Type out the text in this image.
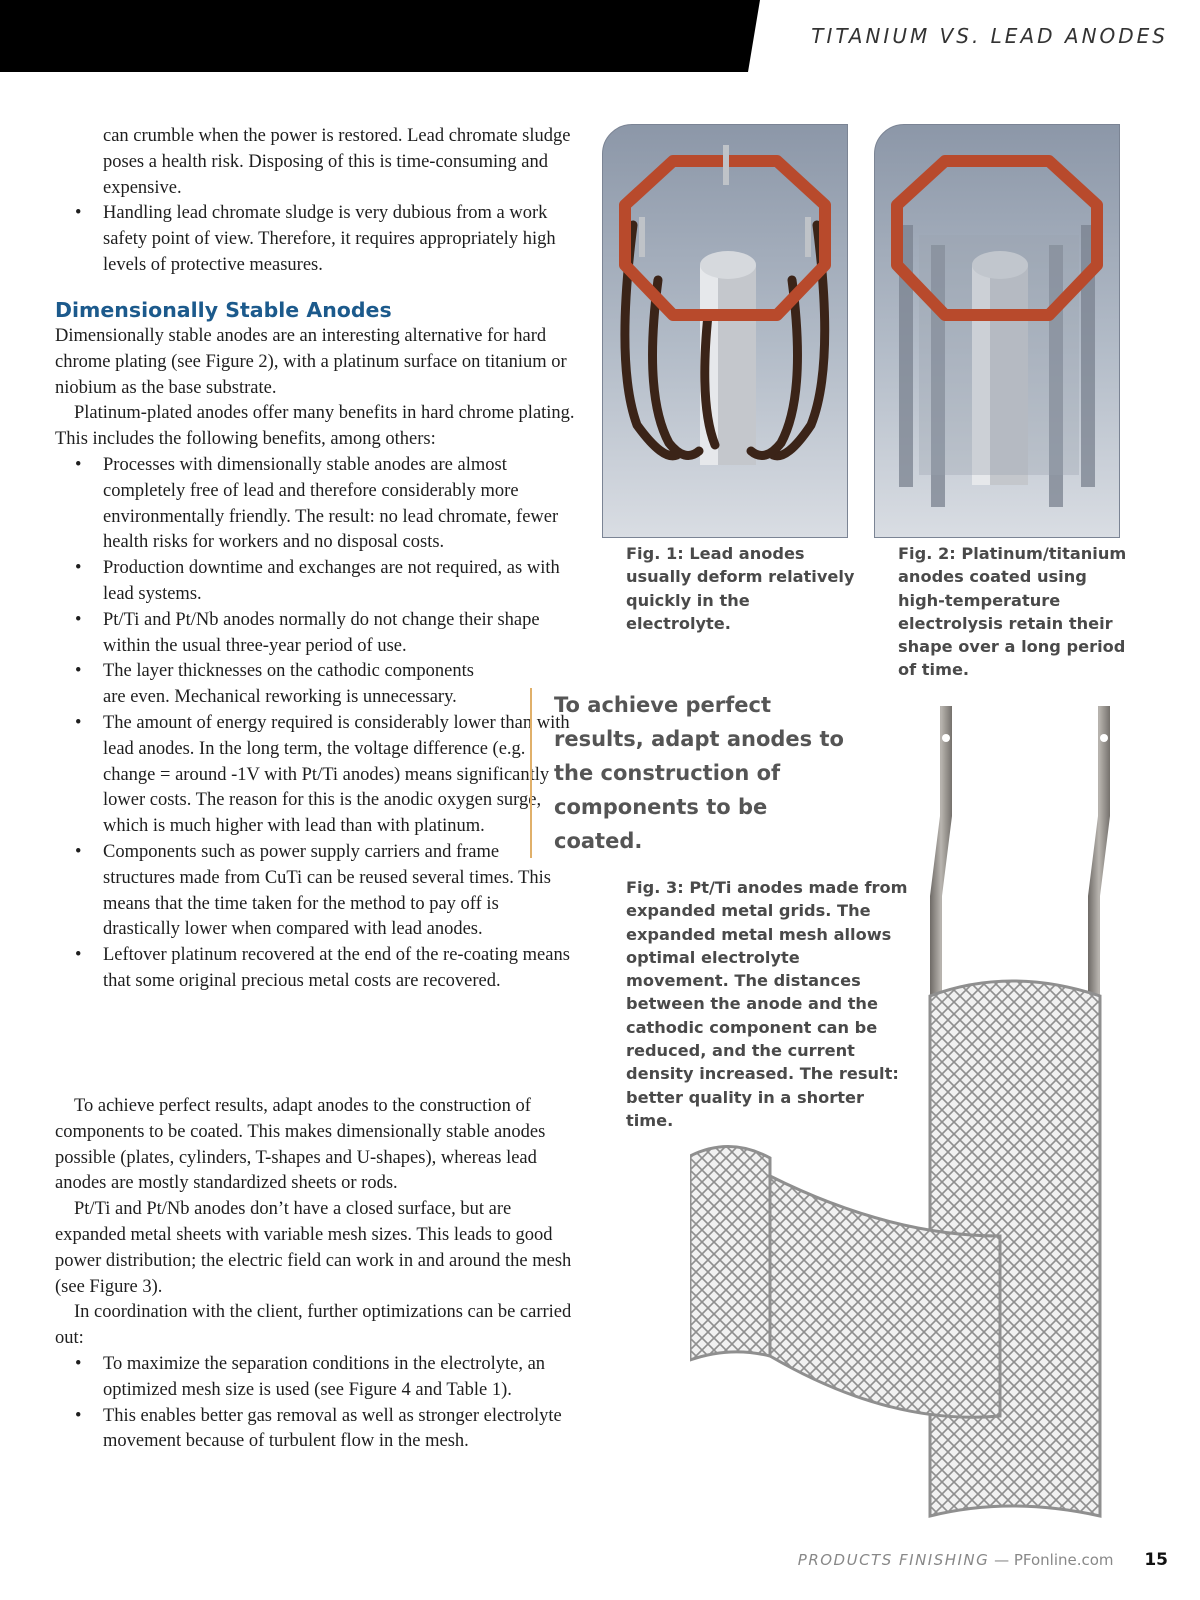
TITANIUM VS. LEAD ANODES

can crumble when the power is restored. Lead chromate sludge poses a health risk. Disposing of this is time-consuming and expensive.

• Handling lead chromate sludge is very dubious from a work safety point of view. Therefore, it requires appropriately high levels of protective measures.
Dimensionally Stable Anodes

Dimensionally stable anodes are an interesting alternative for hard chrome plating (see Figure 2), with a platinum surface on titanium or niobium as the base substrate.

Platinum-plated anodes offer many benefits in hard chrome plating. This includes the following benefits, among others:

• Processes with dimensionally stable anodes are almost completely free of lead and therefore considerably more environmentally friendly. The result: no lead chromate, fewer health risks for workers and no disposal costs.
• Production downtime and exchanges are not required, as with lead systems.
• Pt/Ti and Pt/Nb anodes normally do not change their shape within the usual three-year period of use.
• The layer thicknesses on the cathodic components are even. Mechanical reworking is unnecessary.
• The amount of energy required is considerably lower than with lead anodes. In the long term, the voltage difference (e.g. change = around -1V with Pt/Ti anodes) means significantly lower costs. The reason for this is the anodic oxygen surge, which is much higher with lead than with platinum.
• Components such as power supply carriers and frame structures made from CuTi can be reused several times. This means that the time taken for the method to pay off is drastically lower when compared with lead anodes.
• Leftover platinum recovered at the end of the re-coating means that some original precious metal costs are recovered.

To achieve perfect results, adapt anodes to the construction of components to be coated. This makes dimensionally stable anodes possible (plates, cylinders, T-shapes and U-shapes), whereas lead anodes are mostly standardized sheets or rods.

Pt/Ti and Pt/Nb anodes don’t have a closed surface, but are expanded metal sheets with variable mesh sizes. This leads to good power distribution; the electric field can work in and around the mesh (see Figure 3).

In coordination with the client, further optimizations can be carried out:

• To maximize the separation conditions in the electrolyte, an optimized mesh size is used (see Figure 4 and Table 1).
• This enables better gas removal as well as stronger electrolyte movement because of turbulent flow in the mesh.

Fig. 1: Lead anodes usually deform relatively quickly in the electrolyte.

Fig. 2: Platinum/titanium anodes coated using high-temperature electrolysis retain their shape over a long period of time.

To achieve perfect results, adapt anodes to the construction of components to be coated.

Fig. 3: Pt/Ti anodes made from expanded metal grids. The expanded metal mesh allows optimal electrolyte movement. The distances between the anode and the cathodic component can be reduced, and the current density increased. The result: better quality in a shorter time.

PRODUCTS FINISHING — PFonline.com 15
